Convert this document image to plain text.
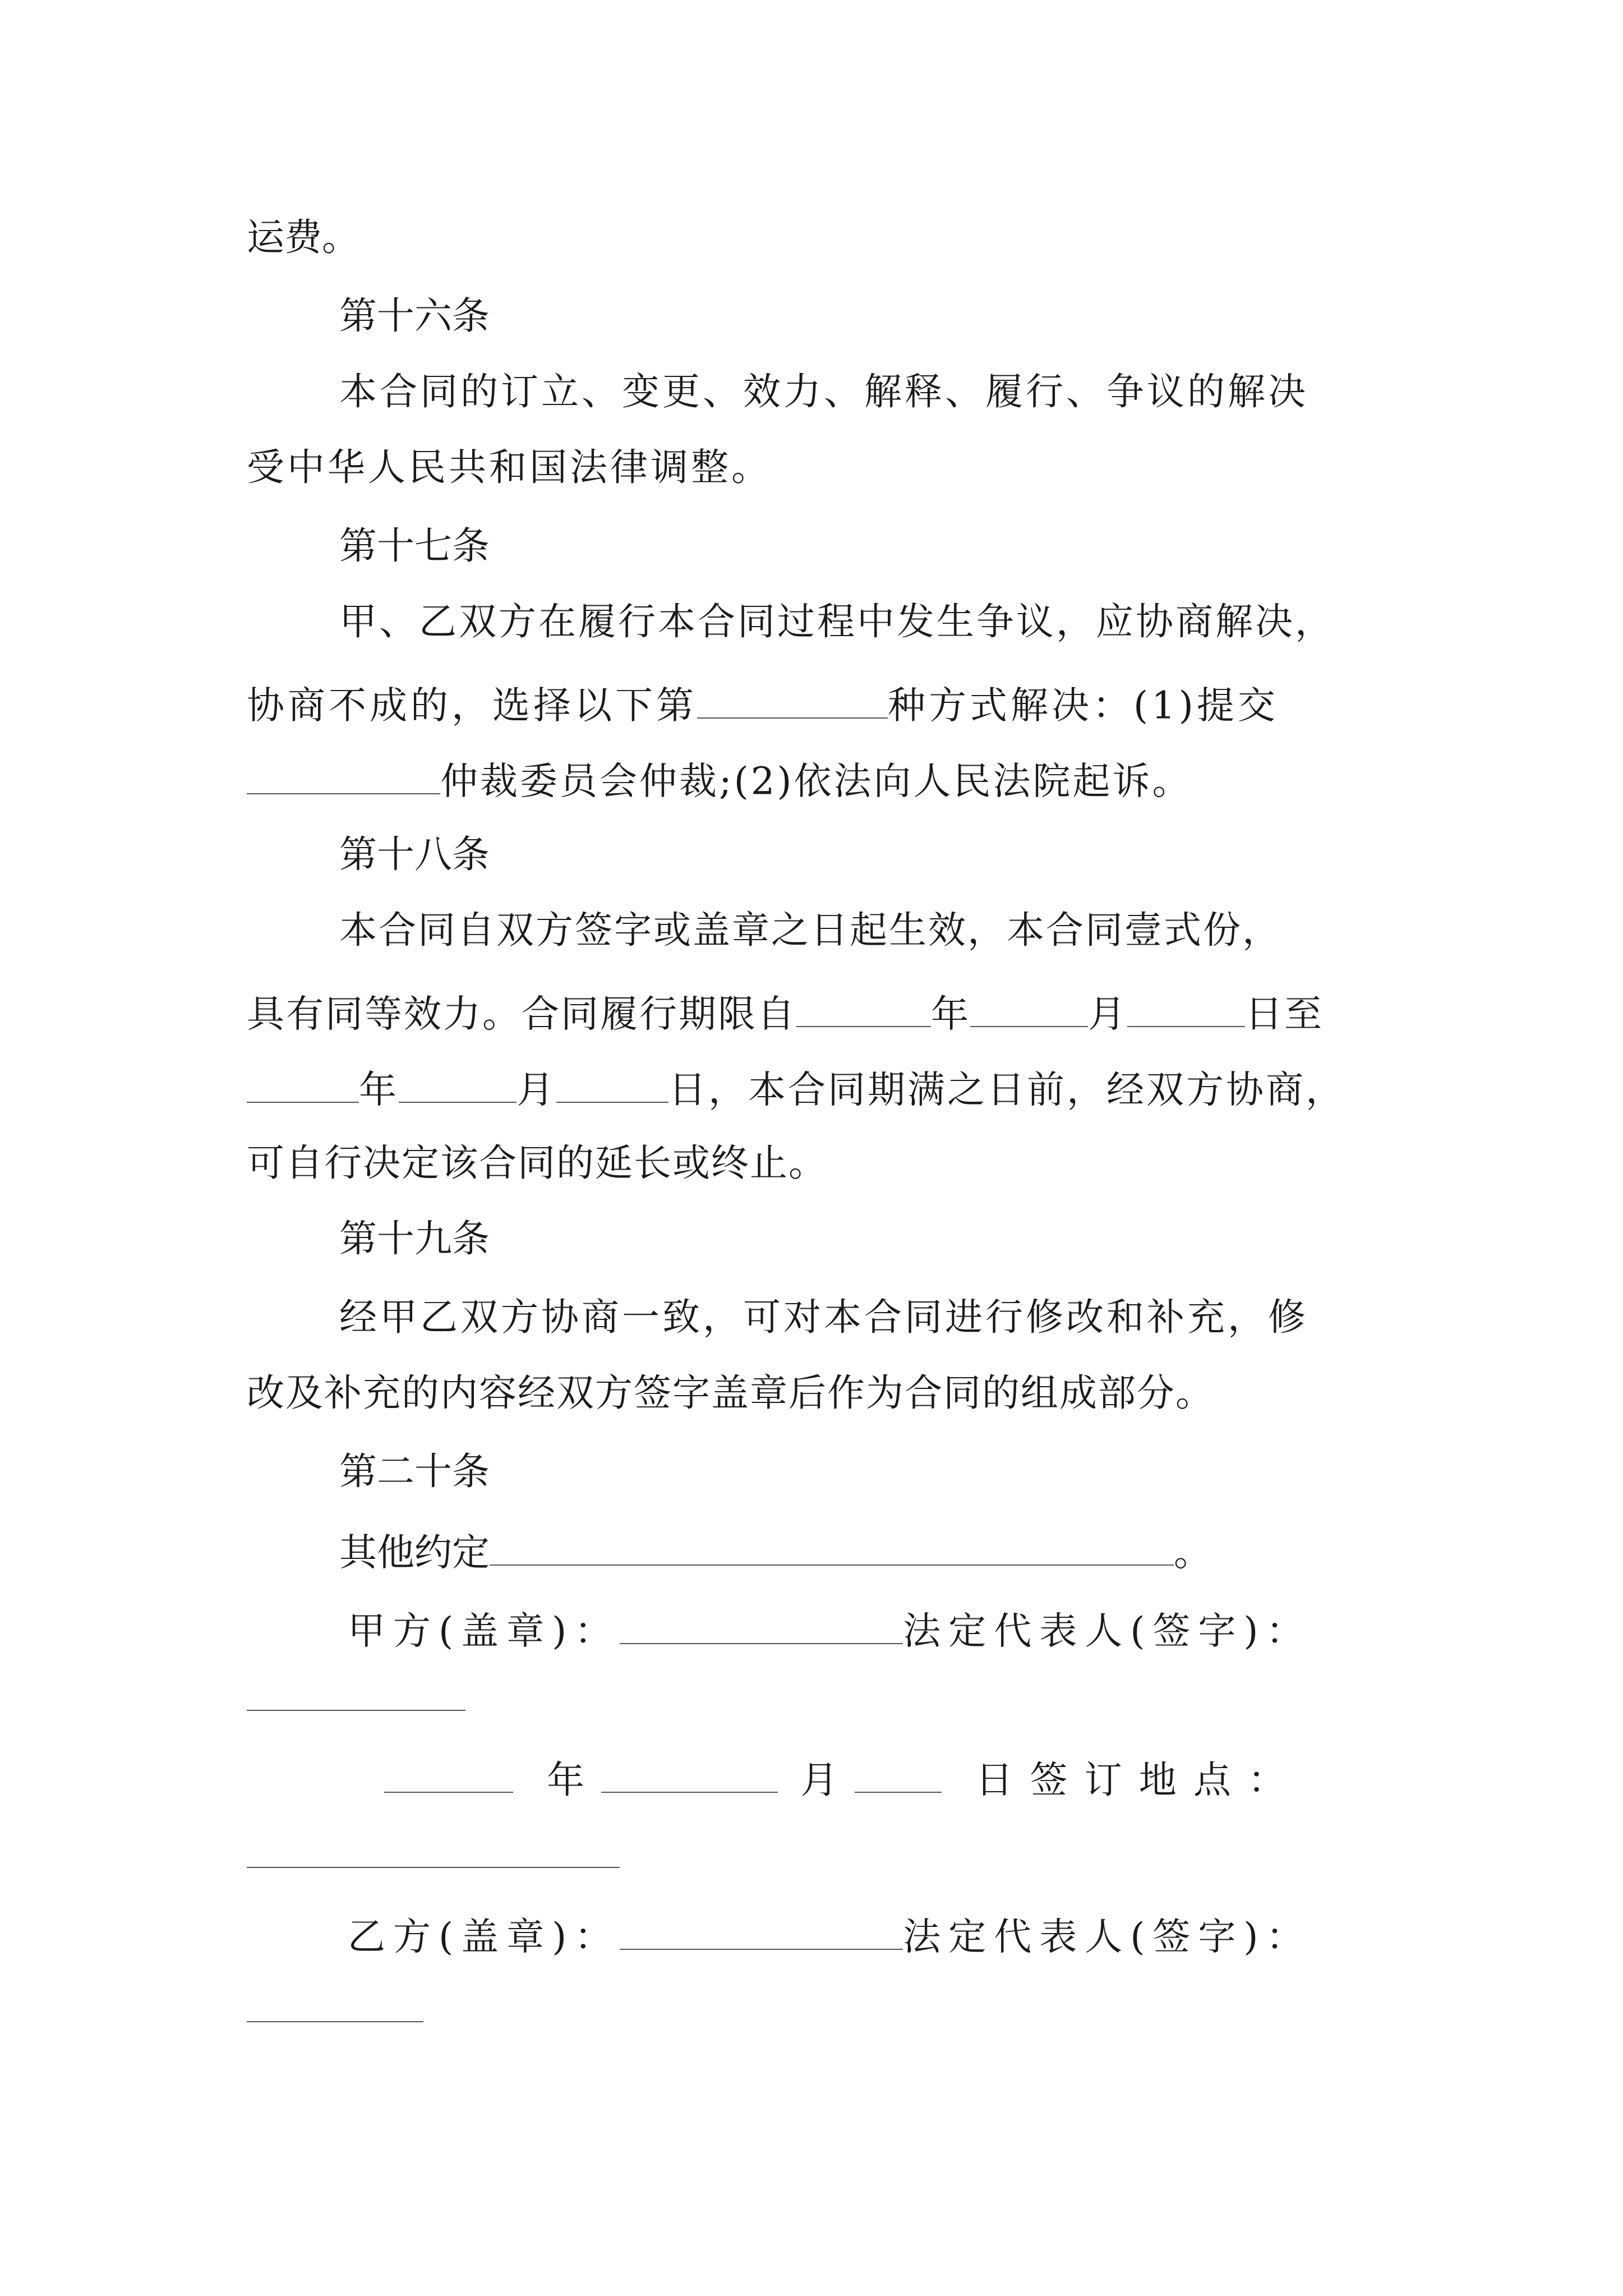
运费。
第十六条
本合同的订立、变更、效力、解释、履行、争议的解决
受中华人民共和国法律调整。
第十七条
甲、乙双方在履行本合同过程中发生争议，应协商解决，
协商不成的，选择以下第	种方式解决：(1)提交
仲裁委员会仲裁;(2)依法向人民法院起诉。
第十八条
本合同自双方签字或盖章之日起生效，本合同壹式份，
具有同等效力。合同履行期限自	年	月	日至
年	月	日，本合同期满之日前，经双方协商，
可自行决定该合同的延长或终止。
第十九条
经甲乙双方协商一致，可对本合同进行修改和补充，修
改及补充的内容经双方签字盖章后作为合同的组成部分。
第二十条
其他约定	。
甲方(盖章)：	法定代表人(签字)：
年	月	日签订地点：
乙方(盖章)：	法定代表人(签字)：
